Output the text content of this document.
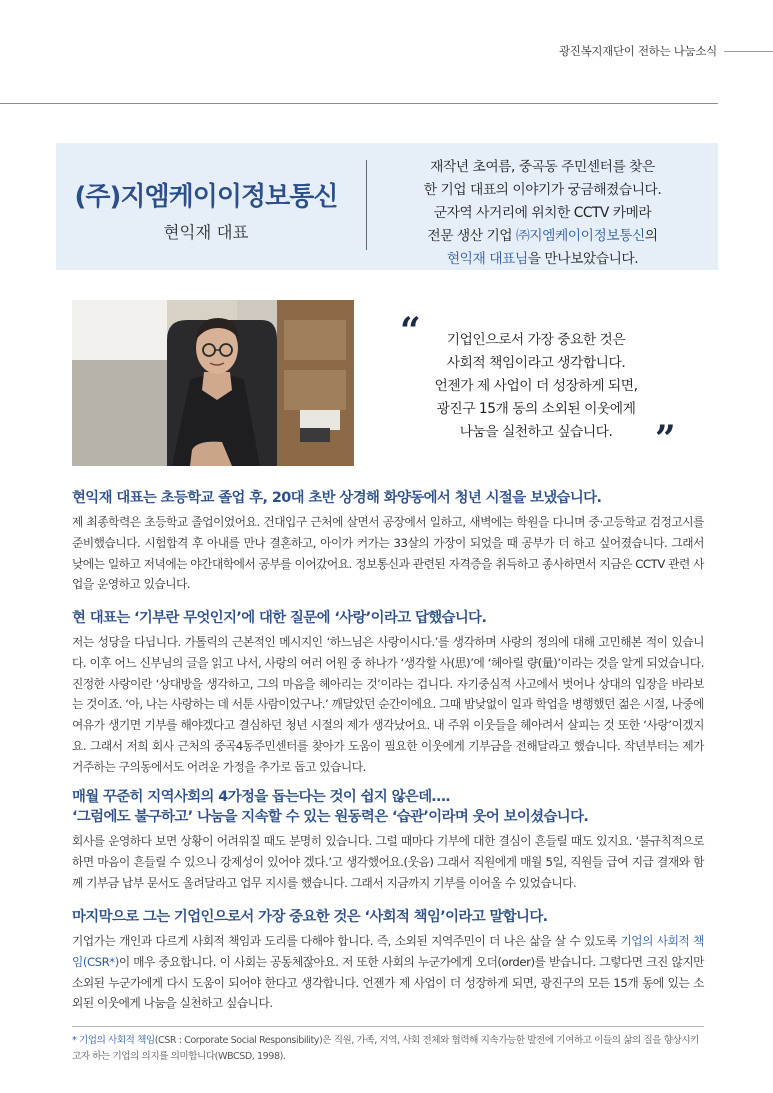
광진복지재단이 전하는 나눔소식
(주)지엠케이이정보통신
현익재 대표
재작년 초여름, 중곡동 주민센터를 찾은
한 기업 대표의 이야기가 궁금해졌습니다.
군자역 사거리에 위치한 CCTV 카메라
전문 생산 기업 ㈜지엠케이이정보통신의
현익재 대표님을 만나보았습니다.
“	기업인으로서 가장 중요한 것은
사회적 책임이라고 생각합니다.
언젠가 제 사업이 더 성장하게 되면,
광진구 15개 동의 소외된 이웃에게
나눔을 실천하고 싶습니다.	”
현익재 대표는 초등학교 졸업 후, 20대 초반 상경해 화양동에서 청년 시절을 보냈습니다.

제 최종학력은 초등학교 졸업이었어요. 건대입구 근처에 살면서 공장에서 일하고, 새벽에는 학원을 다니며 중·고등학교 검정고시를 준비했습니다. 시험합격 후 아내를 만나 결혼하고, 아이가 커가는 33살의 가장이 되었을 때 공부가 더 하고 싶어졌습니다. 그래서 낮에는 일하고 저녁에는 야간대학에서 공부를 이어갔어요. 정보통신과 관련된 자격증을 취득하고 종사하면서 지금은 CCTV 관련 사업을 운영하고 있습니다.

현 대표는 ‘기부란 무엇인지’에 대한 질문에 ‘사랑’이라고 답했습니다.

저는 성당을 다닙니다. 가톨릭의 근본적인 메시지인 ‘하느님은 사랑이시다.’를 생각하며 사랑의 정의에 대해 고민해본 적이 있습니다. 이후 어느 신부님의 글을 읽고 나서, 사랑의 여러 어원 중 하나가 ‘생각할 사(思)’에 ‘헤아릴 량(量)’이라는 것을 알게 되었습니다. 진정한 사랑이란 ‘상대방을 생각하고, 그의 마음을 헤아리는 것’이라는 겁니다. 자기중심적 사고에서 벗어나 상대의 입장을 바라보는 것이죠. ‘아, 나는 사랑하는 데 서툰 사람이었구나.’ 깨달았던 순간이에요. 그때 밤낮없이 일과 학업을 병행했던 젊은 시절, 나중에 여유가 생기면 기부를 해야겠다고 결심하던 청년 시절의 제가 생각났어요. 내 주위 이웃들을 헤아려서 살피는 것 또한 ‘사랑’이겠지요. 그래서 저희 회사 근처의 중곡4동주민센터를 찾아가 도움이 필요한 이웃에게 기부금을 전해달라고 했습니다. 작년부터는 제가 거주하는 구의동에서도 어려운 가정을 추가로 돕고 있습니다.

매월 꾸준히 지역사회의 4가정을 돕는다는 것이 쉽지 않은데….
‘그럼에도 불구하고’ 나눔을 지속할 수 있는 원동력은 ‘습관’이라며 웃어 보이셨습니다.

회사를 운영하다 보면 상황이 어려워질 때도 분명히 있습니다. 그럴 때마다 기부에 대한 결심이 흔들릴 때도 있지요. ‘불규칙적으로 하면 마음이 흔들릴 수 있으니 강제성이 있어야 겠다.’고 생각했어요.(웃음) 그래서 직원에게 매월 5일, 직원들 급여 지급 결재와 함께 기부금 납부 문서도 올려달라고 업무 지시를 했습니다. 그래서 지금까지 기부를 이어올 수 있었습니다.

마지막으로 그는 기업인으로서 가장 중요한 것은 ‘사회적 책임’이라고 말합니다.

기업가는 개인과 다르게 사회적 책임과 도리를 다해야 합니다. 즉, 소외된 지역주민이 더 나은 삶을 살 수 있도록 기업의 사회적 책임(CSR*)이 매우 중요합니다. 이 사회는 공동체잖아요. 저 또한 사회의 누군가에게 오더(order)를 받습니다. 그렇다면 크진 않지만 소외된 누군가에게 다시 도움이 되어야 한다고 생각합니다. 언젠가 제 사업이 더 성장하게 되면, 광진구의 모든 15개 동에 있는 소외된 이웃에게 나눔을 실천하고 싶습니다.

* 기업의 사회적 책임(CSR : Corporate Social Responsibility)은 직원, 가족, 지역, 사회 전체와 협력해 지속가능한 발전에 기여하고 이들의 삶의 질을 향상시키고자 하는 기업의 의지를 의미합니다(WBCSD, 1998).
